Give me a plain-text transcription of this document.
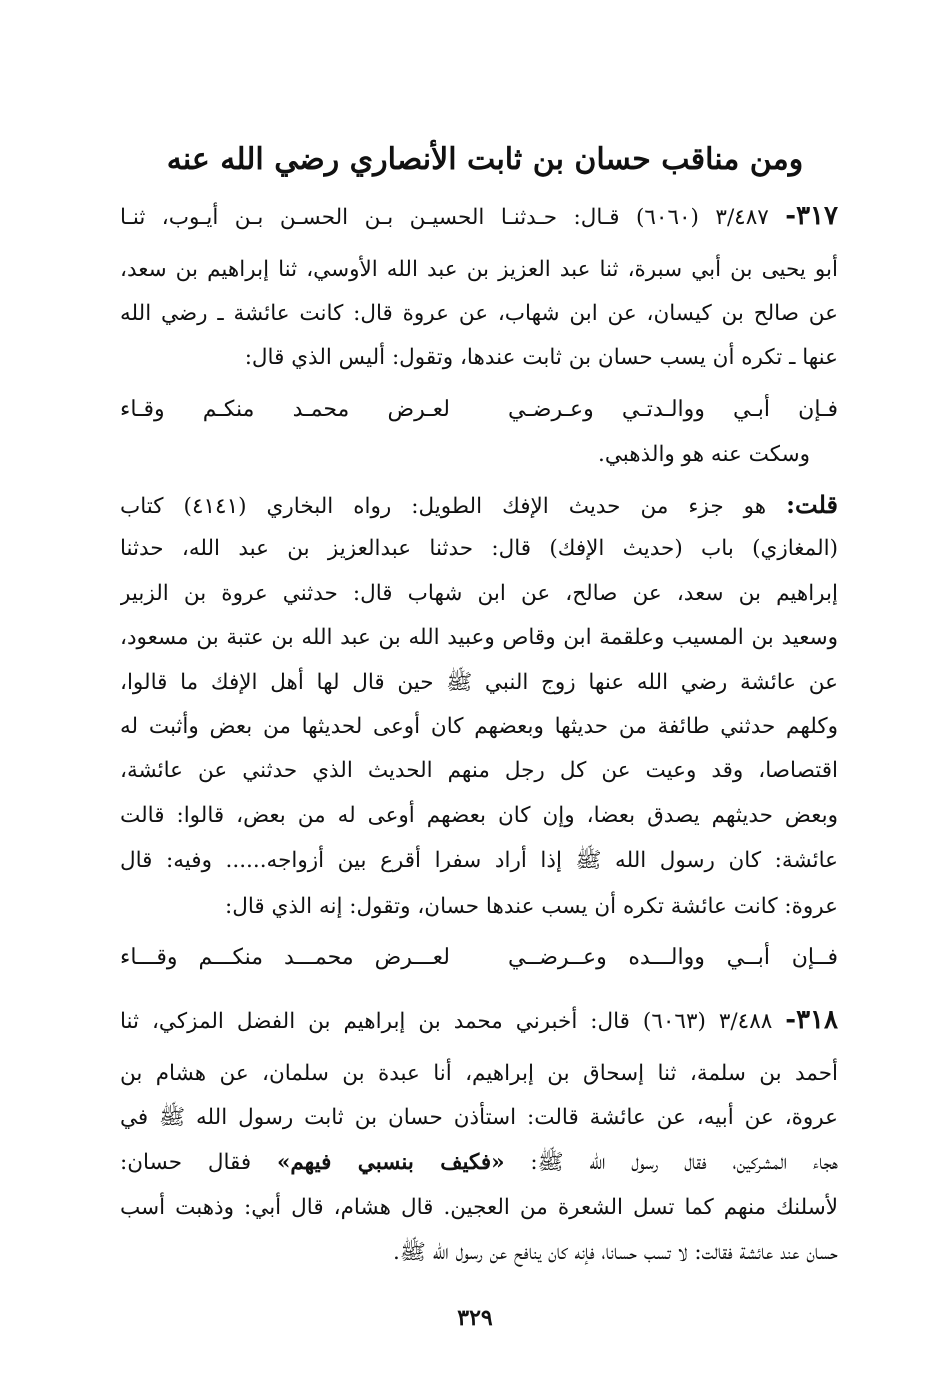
ومن مناقب حسان بن ثابت الأنصاري رضي الله عنه
٣١٧- ٣/٤٨٧ (٦٠٦٠) قـال: حـدثنـا الحسيـن بـن الحسـن بـن أيـوب، ثنـا
أبو يحيى بن أبي سبرة، ثنا عبد العزيز بن عبد الله الأوسي، ثنا إبراهيم بن سعد،
عن صالح بن كيسان، عن ابن شهاب، عن عروة قال: كانت عائشة ـ رضي الله
عنها ـ تكره أن يسب حسان بن ثابت عندها، وتقول: أليس الذي قال:
فـإن أبـي ووالـدتـي وعـرضـي
لعـرض محمـد منكـم وقـاء
وسكت عنه هو والذهبي.
قلت: هو جزء من حديث الإفك الطويل: رواه البخاري (٤١٤١) كتاب
(المغازي) باب (حديث الإفك) قال: حدثنا عبدالعزيز بن عبد الله، حدثنا
إبراهيم بن سعد، عن صالح، عن ابن شهاب قال: حدثني عروة بن الزبير
وسعيد بن المسيب وعلقمة ابن وقاص وعبيد الله بن عبد الله بن عتبة بن مسعود،
عن عائشة رضي الله عنها زوج النبي ﷺ حين قال لها أهل الإفك ما قالوا،
وكلهم حدثني طائفة من حديثها وبعضهم كان أوعى لحديثها من بعض وأثبت له
اقتصاصا، وقد وعيت عن كل رجل منهم الحديث الذي حدثني عن عائشة،
وبعض حديثهم يصدق بعضا، وإن كان بعضهم أوعى له من بعض، قالوا: قالت
عائشة: كان رسول الله ﷺ إذا أراد سفرا أقرع بين أزواجه...... وفيه: قال
عروة: كانت عائشة تكره أن يسب عندها حسان، وتقول: إنه الذي قال:
فــإن أبــي ووالـــده وعــرضــي
لعـــرض محمـــد منكـــم وقـــاء
٣١٨- ٣/٤٨٨ (٦٠٦٣) قال: أخبرني محمد بن إبراهيم بن الفضل المزكي، ثنا
أحمد بن سلمة، ثنا إسحاق بن إبراهيم، أنا عبدة بن سلمان، عن هشام بن
عروة، عن أبيه، عن عائشة قالت: استأذن حسان بن ثابت رسول الله ﷺ في
هجاء المشركين، فقال رسول الله ﷺ: «فكيف بنسبي فيهم» فقال حسان:
لأسلنك منهم كما تسل الشعرة من العجين. قال هشام، قال أبي: وذهبت أسب
حسان عند عائشة فقالت: لا تسب حسانا، فإنه كان ينافح عن رسول الله ﷺ.
٣٢٩
